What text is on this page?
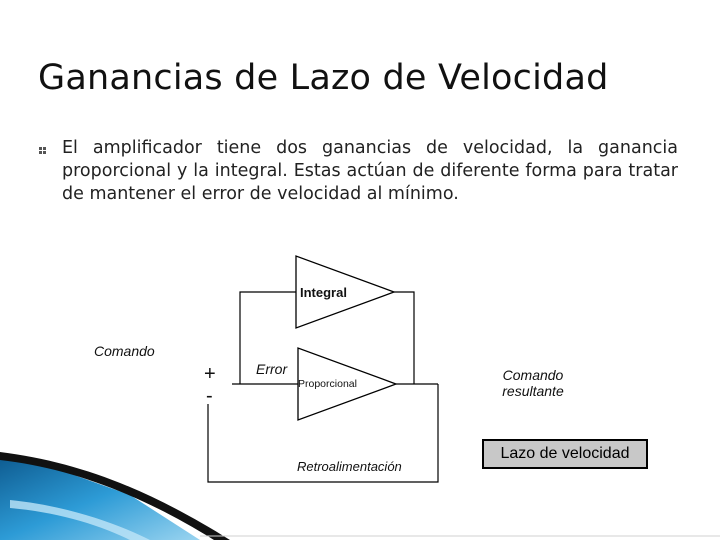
Ganancias de Lazo de Velocidad
El amplificador tiene dos ganancias de velocidad, la ganancia proporcional y la integral. Estas actúan de diferente forma para tratar de mantener el error de velocidad al mínimo.
Integral
Proporcional
Comando
Error
+
-
Comando
resultante
Retroalimentación
Lazo de velocidad
